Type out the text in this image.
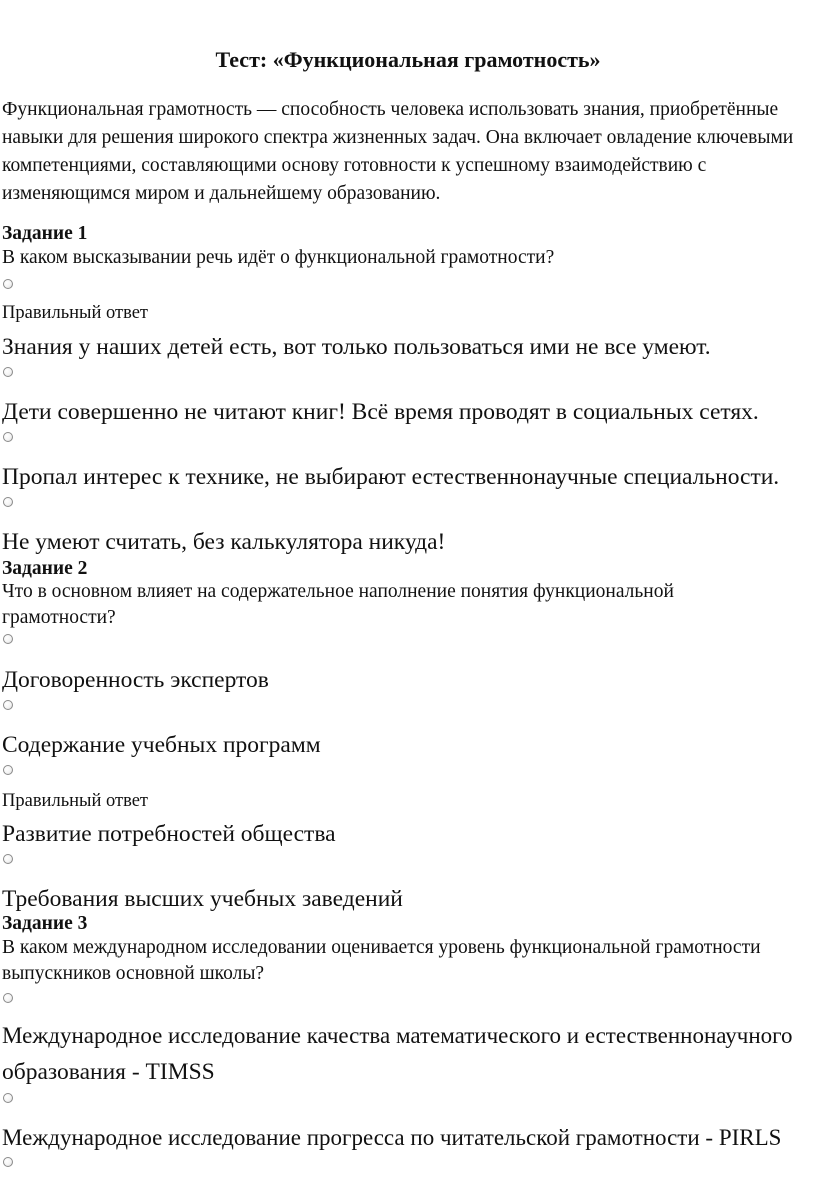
Тест: «Функциональная грамотность»

Функциональная грамотность — способность человека использовать знания, приобретённые навыки для решения широкого спектра жизненных задач. Она включает овладение ключевыми компетенциями, составляющими основу готовности к успешному взаимодействию с изменяющимся миром и дальнейшему образованию.

Задание 1
В каком высказывании речь идёт о функциональной грамотности?
Правильный ответ
Знания у наших детей есть, вот только пользоваться ими не все умеют.
Дети совершенно не читают книг! Всё время проводят в социальных сетях.
Пропал интерес к технике, не выбирают естественнонаучные специальности.
Не умеют считать, без калькулятора никуда!
Задание 2
Что в основном влияет на содержательное наполнение понятия функциональной грамотности?
Договоренность экспертов
Содержание учебных программ
Правильный ответ
Развитие потребностей общества
Требования высших учебных заведений
Задание 3
В каком международном исследовании оценивается уровень функциональной грамотности выпускников основной школы?
Международное исследование качества математического и естественнонаучного
образования - TIMSS
Международное исследование прогресса по читательской грамотности - PIRLS
